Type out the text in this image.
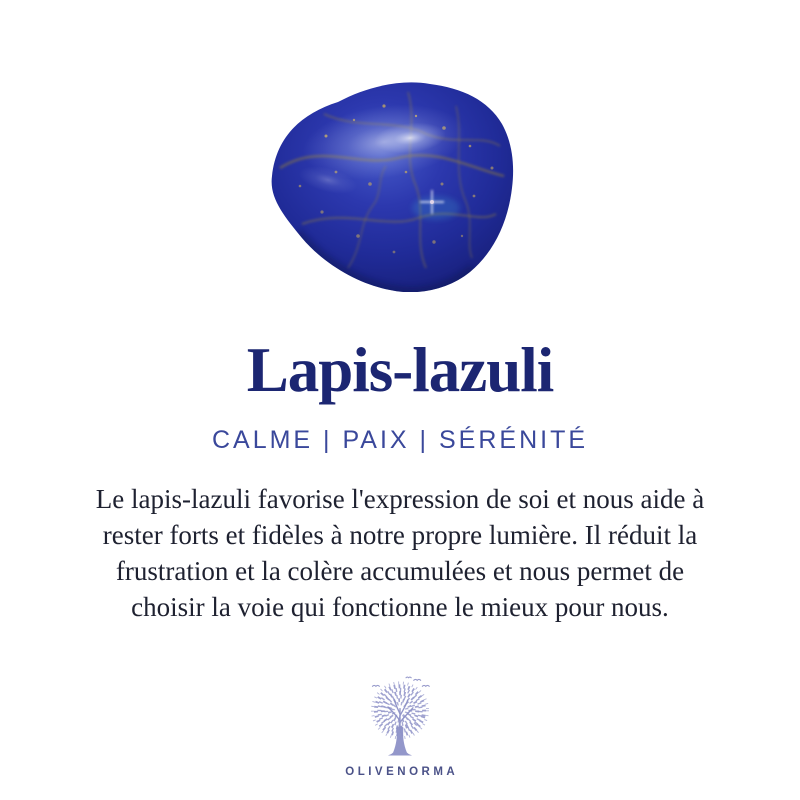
Lapis-lazuli
CALME | PAIX | SÉRÉNITÉ
Le lapis-lazuli favorise l'expression de soi et nous aide à
rester forts et fidèles à notre propre lumière. Il réduit la
frustration et la colère accumulées et nous permet de
choisir la voie qui fonctionne le mieux pour nous.
OLIVENORMA
